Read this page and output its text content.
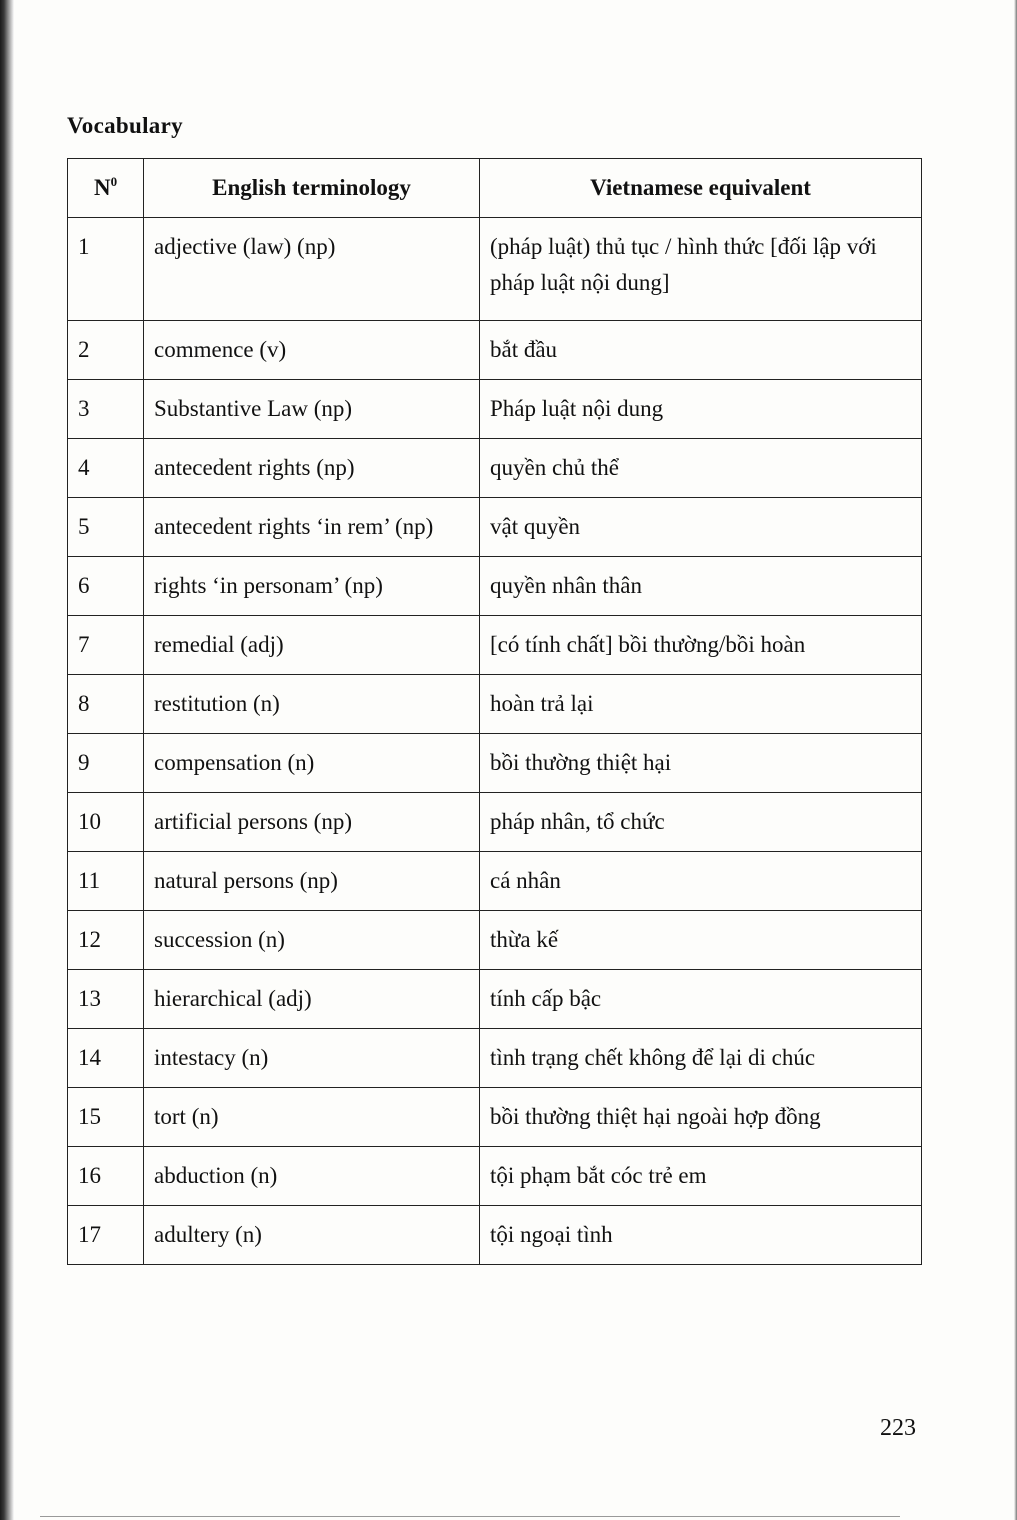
Vocabulary
$N^0$	English terminology	Vietnamese equivalent
1	adjective (law) (np)	(pháp luật) thủ tục / hình thức [đối lập với pháp luật nội dung]
2	commence (v)	bắt đầu
3	Substantive Law (np)	Pháp luật nội dung
4	antecedent rights (np)	quyền chủ thể
5	antecedent rights ‘in rem’ (np)	vật quyền
6	rights ‘in personam’ (np)	quyền nhân thân
7	remedial (adj)	[có tính chất] bồi thường/bồi hoàn
8	restitution (n)	hoàn trả lại
9	compensation (n)	bồi thường thiệt hại
10	artificial persons (np)	pháp nhân, tổ chức
11	natural persons (np)	cá nhân
12	succession (n)	thừa kế
13	hierarchical (adj)	tính cấp bậc
14	intestacy (n)	tình trạng chết không để lại di chúc
15	tort (n)	bồi thường thiệt hại ngoài hợp đồng
16	abduction (n)	tội phạm bắt cóc trẻ em
17	adultery (n)	tội ngoại tình
223
